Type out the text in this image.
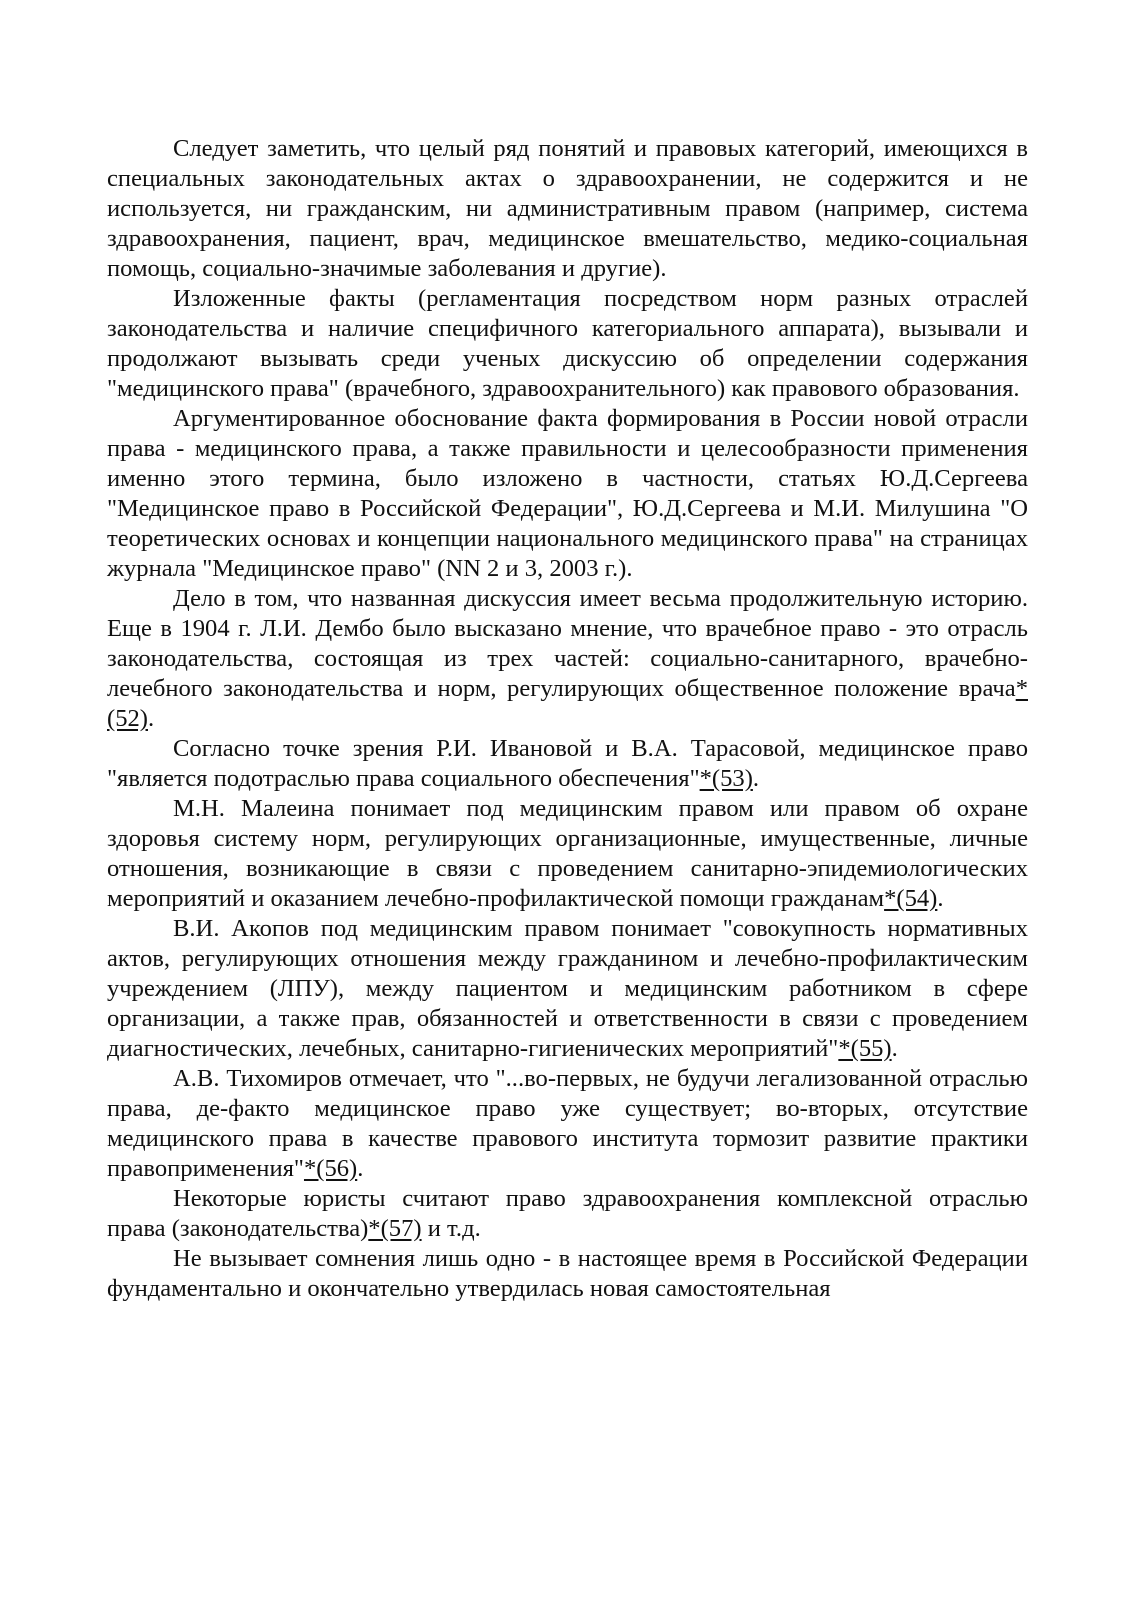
Следует заметить, что целый ряд понятий и правовых категорий, имеющихся в специальных законодательных актах о здравоохранении, не содержится и не используется, ни гражданским, ни административным правом (например, система здравоохранения, пациент, врач, медицинское вмешательство, медико-социальная помощь, социально-значимые заболевания и другие).

Изложенные факты (регламентация посредством норм разных отраслей законодательства и наличие специфичного категориального аппарата), вызывали и продолжают вызывать среди ученых дискуссию об определении содержания "медицинского права" (врачебного, здравоохранительного) как правового образования.

Аргументированное обоснование факта формирования в России новой отрасли права - медицинского права, а также правильности и целесообразности применения именно этого термина, было изложено в частности, статьях Ю.Д.Сергеева "Медицинское право в Российской Федерации", Ю.Д.Сергеева и М.И. Милушина "О теоретических основах и концепции национального медицинского права" на страницах журнала "Медицинское право" (NN 2 и 3, 2003 г.).

Дело в том, что названная дискуссия имеет весьма продолжительную историю. Еще в 1904 г. Л.И. Дембо было высказано мнение, что врачебное право - это отрасль законодательства, состоящая из трех частей: социально-санитарного, врачебно-лечебного законодательства и норм, регулирующих общественное положение врача*(52).

Согласно точке зрения Р.И. Ивановой и В.А. Тарасовой, медицинское право "является подотраслью права социального обеспечения"*(53).

М.Н. Малеина понимает под медицинским правом или правом об охране здоровья систему норм, регулирующих организационные, имущественные, личные отношения, возникающие в связи с проведением санитарно-эпидемиологических мероприятий и оказанием лечебно-профилактической помощи гражданам*(54).

В.И. Акопов под медицинским правом понимает "совокупность нормативных актов, регулирующих отношения между гражданином и лечебно-профилактическим учреждением (ЛПУ), между пациентом и медицинским работником в сфере организации, а также прав, обязанностей и ответственности в связи с проведением диагностических, лечебных, санитарно-гигиенических мероприятий"*(55).

А.В. Тихомиров отмечает, что "...во-первых, не будучи легализованной отраслью права, де-факто медицинское право уже существует; во-вторых, отсутствие медицинского права в качестве правового института тормозит развитие практики правоприменения"*(56).

Некоторые юристы считают право здравоохранения комплексной отраслью права (законодательства)*(57) и т.д.

Не вызывает сомнения лишь одно - в настоящее время в Российской Федерации фундаментально и окончательно утвердилась новая самостоятельная
